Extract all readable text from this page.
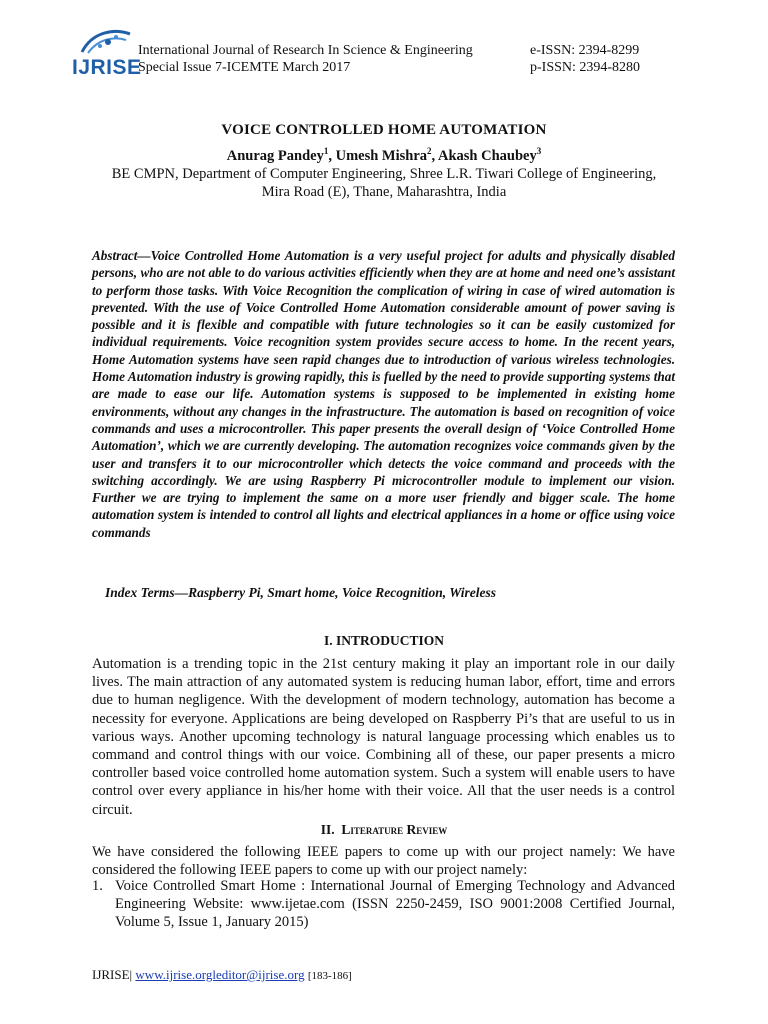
IJRISE
International Journal of Research In Science & Engineering
Special Issue 7-ICEMTE March 2017
e-ISSN: 2394-8299
p-ISSN: 2394-8280
VOICE CONTROLLED HOME AUTOMATION
Anurag Pandey$^1$, Umesh Mishra$^2$, Akash Chaubey$^3$
BE CMPN, Department of Computer Engineering, Shree L.R. Tiwari College of Engineering,
Mira Road (E), Thane, Maharashtra, India
Abstract—Voice Controlled Home Automation is a very useful project for adults and physically disabled persons, who are not able to do various activities efficiently when they are at home and need one’s assistant to perform those tasks. With Voice Recognition the complication of wiring in case of wired automation is prevented. With the use of Voice Controlled Home Automation considerable amount of power saving is possible and it is flexible and compatible with future technologies so it can be easily customized for individual requirements. Voice recognition system provides secure access to home. In the recent years, Home Automation systems have seen rapid changes due to introduction of various wireless technologies. Home Automation industry is growing rapidly, this is fuelled by the need to provide supporting systems that are made to ease our life. Automation systems is supposed to be implemented in existing home environments, without any changes in the infrastructure. The automation is based on recognition of voice commands and uses a microcontroller. This paper presents the overall design of ‘Voice Controlled Home Automation’, which we are currently developing. The automation recognizes voice commands given by the user and transfers it to our microcontroller which detects the voice command and proceeds with the switching accordingly. We are using Raspberry Pi microcontroller module to implement our vision. Further we are trying to implement the same on a more user friendly and bigger scale. The home automation system is intended to control all lights and electrical appliances in a home or office using voice commands
Index Terms—Raspberry Pi, Smart home, Voice Recognition, Wireless
I. INTRODUCTION
Automation is a trending topic in the 21st century making it play an important role in our daily lives. The main attraction of any automated system is reducing human labor, effort, time and errors due to human negligence. With the development of modern technology, automation has become a necessity for everyone. Applications are being developed on Raspberry Pi’s that are useful to us in various ways. Another upcoming technology is natural language processing which enables us to command and control things with our voice. Combining all of these, our paper presents a micro controller based voice controlled home automation system. Such a system will enable users to have control over every appliance in his/her home with their voice. All that the user needs is a control circuit.
II. Literature Review
We have considered the following IEEE papers to come up with our project namely: We have considered the following IEEE papers to come up with our project namely:
1. Voice Controlled Smart Home : International Journal of Emerging Technology and Advanced Engineering Website: www.ijetae.com (ISSN 2250-2459, ISO 9001:2008 Certified Journal, Volume 5, Issue 1, January 2015)
IJRISE| www.ijrise.orgleditor@ijrise.org [183-186]
